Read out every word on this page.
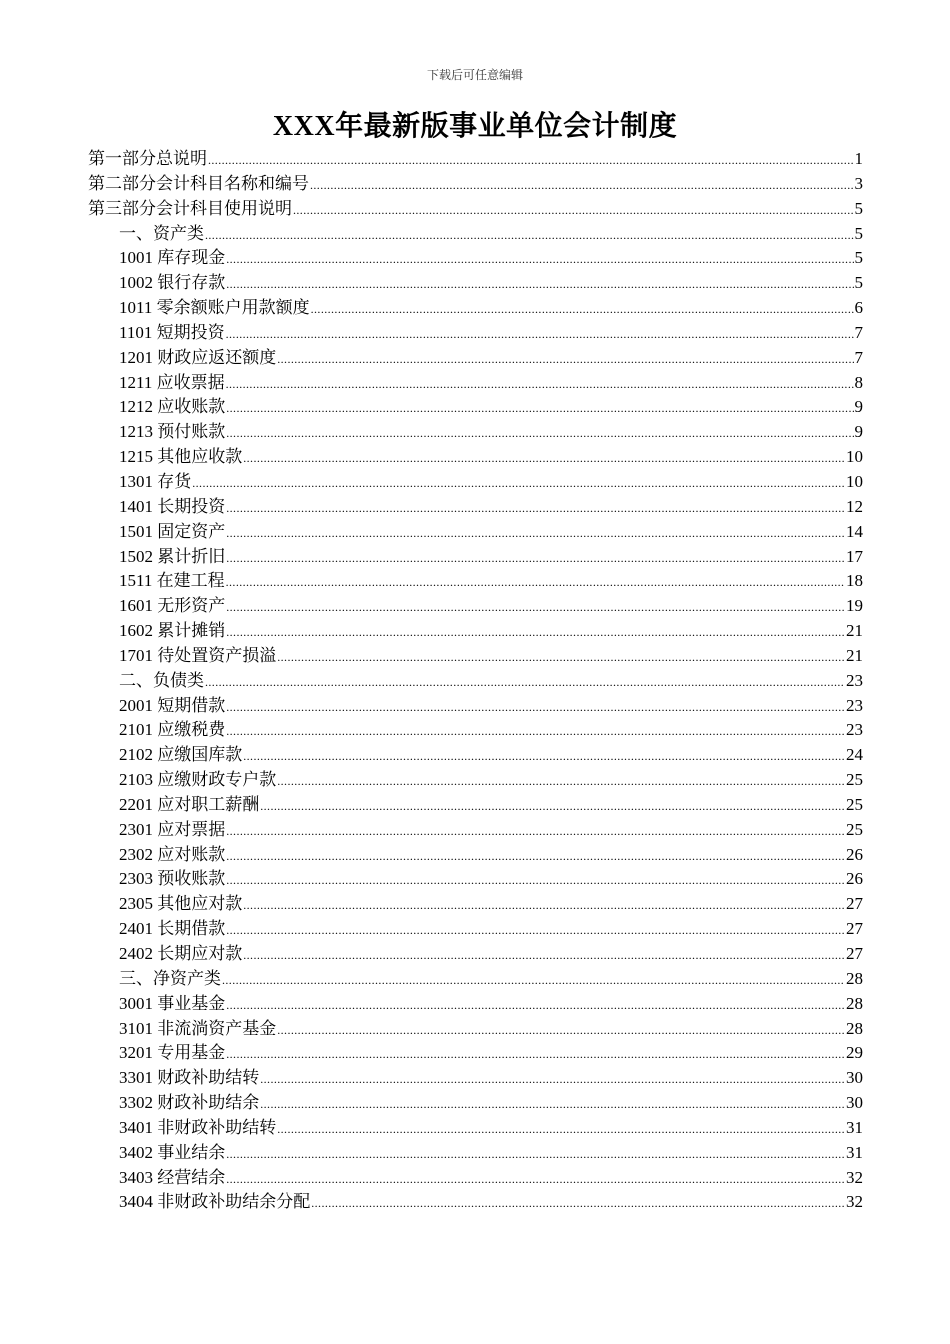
下载后可任意编辑
XXX年最新版事业单位会计制度
第一部分总说明 .....	1
第二部分会计科目名称和编号 .....	3
第三部分会计科目使用说明 .....	5
一、资产类 .....	5
1001 库存现金 .....	5
1002 银行存款 .....	5
1011 零余额账户用款额度 .....	6
1101 短期投资 .....	7
1201 财政应返还额度 .....	7
1211 应收票据 .....	8
1212 应收账款 .....	9
1213 预付账款 .....	9
1215 其他应收款 .....	10
1301 存货 .....	10
1401 长期投资 .....	12
1501 固定资产 .....	14
1502 累计折旧 .....	17
1511 在建工程 .....	18
1601 无形资产 .....	19
1602 累计摊销 .....	21
1701 待处置资产损溢 .....	21
二、负债类 .....	23
2001 短期借款 .....	23
2101 应缴税费 .....	23
2102 应缴国库款 .....	24
2103 应缴财政专户款 .....	25
2201 应对职工薪酬 .....	25
2301 应对票据 .....	25
2302 应对账款 .....	26
2303 预收账款 .....	26
2305 其他应对款 .....	27
2401 长期借款 .....	27
2402 长期应对款 .....	27
三、净资产类 .....	28
3001 事业基金 .....	28
3101 非流淌资产基金 .....	28
3201 专用基金 .....	29
3301 财政补助结转 .....	30
3302 财政补助结余 .....	30
3401 非财政补助结转 .....	31
3402 事业结余 .....	31
3403 经营结余 .....	32
3404 非财政补助结余分配 .....	32
